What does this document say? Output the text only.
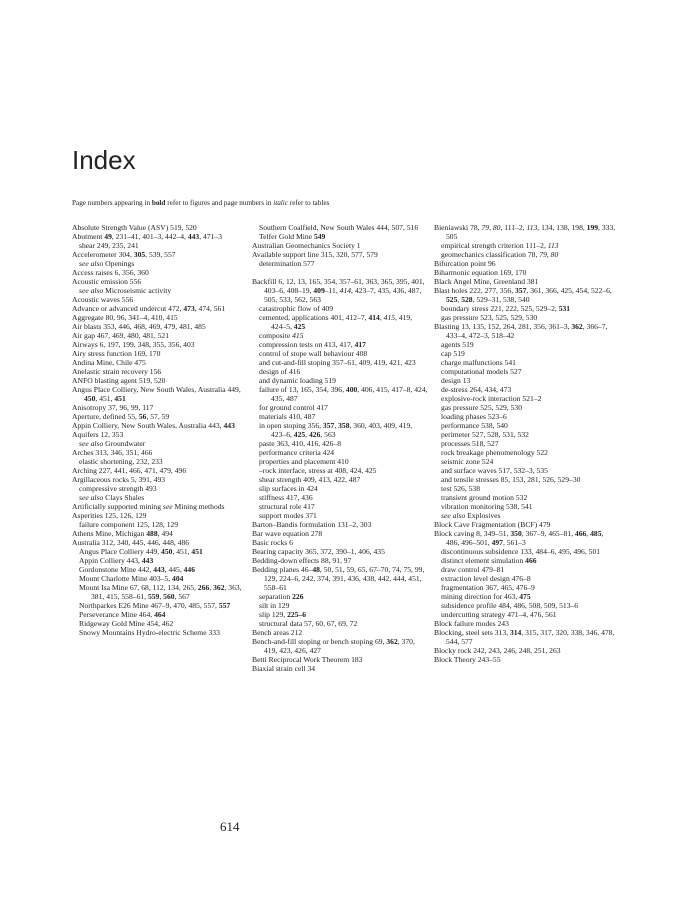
Index
Page numbers appearing in bold refer to figures and page numbers in italic refer to tables

Absolute Strength Value (ASV) 519, 520

Abutment 49, 231–41, 401–3, 442–4, 443, 471–3

shear 249, 235, 241

Accelerometer 304, 305, 539, 557

see also Openings

Access raises 6, 356, 360

Acoustic emission 556

see also Microseismic activity

Acoustic waves 556

Advance or advanced undercut 472, 473, 474, 561

Aggregate 80, 96, 341–4, 410, 415

Air blasts 353, 446, 468, 469, 479, 481, 485

Air gap 467, 469, 480, 481, 521

Airways 6, 197, 199, 348, 355, 356, 403

Airy stress function 169, 170

Andina Mine, Chile 475

Anelastic strain recovery 156

ANFO blasting agent 519, 520

Angus Place Colliery, New South Wales, Australia 449, 450, 451, 451

Anisotropy 37, 96, 99, 117

Aperture, defined 55, 56, 57, 59

Appin Colliery, New South Wales, Australia 443, 443

Aquifers 12, 353

see also Groundwater

Arches 313, 346, 351, 466

elastic shortening, 232, 233

Arching 227, 441, 466, 471, 479, 496

Argillaceous rocks 5, 391, 493

compressive strength 493

see also Clays Shales

Artificially supported mining see Mining methods

Asperities 125, 126, 129

failure component 125, 128, 129

Athens Mine, Michigan 488, 494

Australia 312, 340, 445, 446, 448, 486

Angus Place Colliery 449, 450, 451, 451

Appin Colliery 443, 443

Gordonstone Mine 442, 443, 445, 446

Mount Charlotte Mine 403–5, 404

Mount Isa Mine 67, 68, 112, 134, 265, 266, 362, 363, 381, 415, 558–61, 559, 560, 567

Northparkes E26 Mine 467–9, 470, 485, 557, 557

Perseverance Mine 464, 464

Ridgeway Gold Mine 454, 462

Snowy Mountains Hydro-electric Scheme 333

Southern Coalfield, New South Wales 444, 507, 516

Telfer Gold Mine 549

Australian Geomechanics Society 1

Available support line 315, 320, 577, 579

determination 577

Backfill 6, 12, 13, 165, 354, 357–61, 363, 365, 395, 401, 403–6, 408–19, 409–11, 414, 423–7, 435, 436, 487, 505, 533, 562, 563

catastrophic flow of 409

cemented, applications 401, 412–7, 414, 415, 419, 424–5, 425

composite 415

compression tests on 413, 417, 417

control of stope wall behaviour 408

and cut-and-fill stoping 357–61, 409, 419, 421, 423

design of 416

and dynamic loading 519

failure of 13, 165, 354, 396, 400, 406, 415, 417–8, 424, 435, 487

for ground control 417

materials 410, 487

in open stoping 356, 357, 358, 360, 403, 409, 419, 423–6, 425, 426, 563

paste 363, 410, 416, 426–8

performance criteria 424

properties and placement 410

–rock interface, stress at 408, 424, 425

shear strength 409, 413, 422, 487

slip surfaces in 424

stiffness 417, 436

structural role 417

support modes 371

Barton–Bandis formulation 131–2, 303

Bar wave equation 278

Basic rocks 6

Bearing capacity 365, 372, 390–1, 406, 435

Bedding-down effects 88, 91, 97

Bedding planes 46–48, 50, 51, 59, 65, 67–70, 74, 75, 99, 129, 224–6, 242, 374, 391, 436, 438, 442, 444, 451, 558–61

separation 226

silt in 129

slip 129, 225–6

structural data 57, 60, 67, 69, 72

Bench areas 212

Bench-and-fill stoping or bench stoping 69, 362, 370, 419, 423, 426, 427

Betti Reciprocal Work Theorem 183

Biaxial strain cell 34

Bieniawski 78, 79, 80, 111–2, 113, 134, 138, 198, 199, 333, 505

empirical strength criterion 111–2, 113

geomechanics classification 78, 79, 80

Bifurcation point 96

Biharmonic equation 169, 170

Black Angel Mine, Greenland 381

Blast holes 222, 277, 356, 357, 361, 366, 425, 454, 522–6, 525, 528, 529–31, 538, 540

boundary stress 221, 222, 525, 529–2, 531

gas pressure 523, 525, 529, 530

Blasting 13, 135, 152, 264, 281, 356, 361–3, 362, 366–7, 433–4, 472–3, 518–42

agents 519

cap 519

charge malfunctions 541

computational models 527

design 13

de-stress 264, 434, 473

explosive-rock interaction 521–2

gas pressure 525, 529, 530

loading phases 523–6

performance 538, 540

perimeter 527, 528, 531, 532

processes 518, 527

rock breakage phenomenology 522

seismic zone 524

and surface waves 517, 532–3, 535

and tensile stresses 85, 153, 281, 526, 529–30

test 526, 538

transient ground motion 532

vibration monitoring 538, 541

see also Explosives

Block Cave Fragmentation (BCF) 479

Block caving 8, 349–51, 350, 367–9, 465–81, 466, 485, 486, 496–501, 497, 561–3

discontinuous subsidence 133, 484–6, 495, 496, 501

distinct element simulation 466

draw control 479–81

extraction level design 476–8

fragmentation 367, 465, 476–9

mining direction for 463, 475

subsidence profile 484, 486, 508, 509, 513–6

undercutting strategy 471–4, 476, 561

Block failure modes 243

Blocking, steel sets 313, 314, 315, 317, 320, 338, 346, 478, 544, 577

Blocky rock 242, 243, 246, 248, 251, 263

Block Theory 243–55

614
